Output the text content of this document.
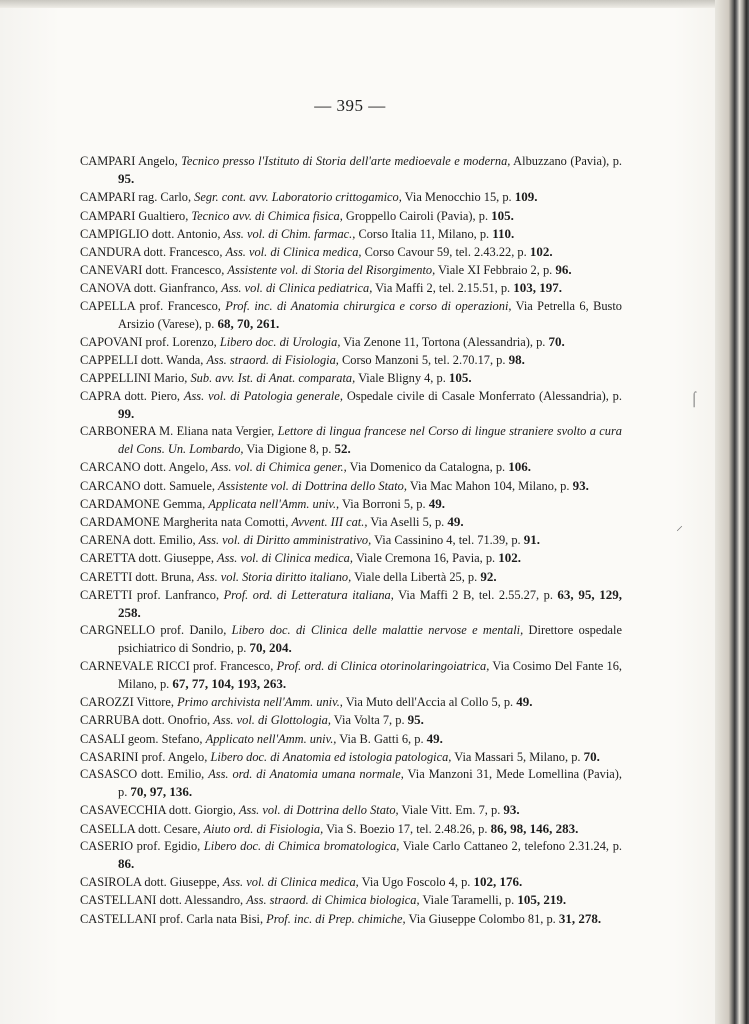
— 395 —
CAMPARI Angelo, Tecnico presso l'Istituto di Storia dell'arte medioevale e moderna, Albuzzano (Pavia), p. 95.
CAMPARI rag. Carlo, Segr. cont. avv. Laboratorio crittogamico, Via Menocchio 15, p. 109.
CAMPARI Gualtiero, Tecnico avv. di Chimica fisica, Groppello Cairoli (Pavia), p. 105.
CAMPIGLIO dott. Antonio, Ass. vol. di Chim. farmac., Corso Italia 11, Milano, p. 110.
CANDURA dott. Francesco, Ass. vol. di Clinica medica, Corso Cavour 59, tel. 2.43.22, p. 102.
CANEVARI dott. Francesco, Assistente vol. di Storia del Risorgimento, Viale XI Febbraio 2, p. 96.
CANOVA dott. Gianfranco, Ass. vol. di Clinica pediatrica, Via Maffi 2, tel. 2.15.51, p. 103, 197.
CAPELLA prof. Francesco, Prof. inc. di Anatomia chirurgica e corso di operazioni, Via Petrella 6, Busto Arsizio (Varese), p. 68, 70, 261.
CAPOVANI prof. Lorenzo, Libero doc. di Urologia, Via Zenone 11, Tortona (Alessandria), p. 70.
CAPPELLI dott. Wanda, Ass. straord. di Fisiologia, Corso Manzoni 5, tel. 2.70.17, p. 98.
CAPPELLINI Mario, Sub. avv. Ist. di Anat. comparata, Viale Bligny 4, p. 105.
CAPRA dott. Piero, Ass. vol. di Patologia generale, Ospedale civile di Casale Monferrato (Alessandria), p. 99.
CARBONERA M. Eliana nata Vergier, Lettore di lingua francese nel Corso di lingue straniere svolto a cura del Cons. Un. Lombardo, Via Digione 8, p. 52.
CARCANO dott. Angelo, Ass. vol. di Chimica gener., Via Domenico da Catalogna, p. 106.
CARCANO dott. Samuele, Assistente vol. di Dottrina dello Stato, Via Mac Mahon 104, Milano, p. 93.
CARDAMONE Gemma, Applicata nell'Amm. univ., Via Borroni 5, p. 49.
CARDAMONE Margherita nata Comotti, Avvent. III cat., Via Aselli 5, p. 49.
CARENA dott. Emilio, Ass. vol. di Diritto amministrativo, Via Cassinino 4, tel. 71.39, p. 91.
CARETTA dott. Giuseppe, Ass. vol. di Clinica medica, Viale Cremona 16, Pavia, p. 102.
CARETTI dott. Bruna, Ass. vol. Storia diritto italiano, Viale della Libertà 25, p. 92.
CARETTI prof. Lanfranco, Prof. ord. di Letteratura italiana, Via Maffi 2 B, tel. 2.55.27, p. 63, 95, 129, 258.
CARGNELLO prof. Danilo, Libero doc. di Clinica delle malattie nervose e mentali, Direttore ospedale psichiatrico di Sondrio, p. 70, 204.
CARNEVALE RICCI prof. Francesco, Prof. ord. di Clinica otorinolaringoiatrica, Via Cosimo Del Fante 16, Milano, p. 67, 77, 104, 193, 263.
CAROZZI Vittore, Primo archivista nell'Amm. univ., Via Muto dell'Accia al Collo 5, p. 49.
CARRUBA dott. Onofrio, Ass. vol. di Glottologia, Via Volta 7, p. 95.
CASALI geom. Stefano, Applicato nell'Amm. univ., Via B. Gatti 6, p. 49.
CASARINI prof. Angelo, Libero doc. di Anatomia ed istologia patologica, Via Massari 5, Milano, p. 70.
CASASCO dott. Emilio, Ass. ord. di Anatomia umana normale, Via Manzoni 31, Mede Lomellina (Pavia), p. 70, 97, 136.
CASAVECCHIA dott. Giorgio, Ass. vol. di Dottrina dello Stato, Viale Vitt. Em. 7, p. 93.
CASELLA dott. Cesare, Aiuto ord. di Fisiologia, Via S. Boezio 17, tel. 2.48.26, p. 86, 98, 146, 283.
CASERIO prof. Egidio, Libero doc. di Chimica bromatologica, Viale Carlo Cattaneo 2, telefono 2.31.24, p. 86.
CASIROLA dott. Giuseppe, Ass. vol. di Clinica medica, Via Ugo Foscolo 4, p. 102, 176.
CASTELLANI dott. Alessandro, Ass. straord. di Chimica biologica, Viale Taramelli, p. 105, 219.
CASTELLANI prof. Carla nata Bisi, Prof. inc. di Prep. chimiche, Via Giuseppe Colombo 81, p. 31, 278.
⌠
⸝
